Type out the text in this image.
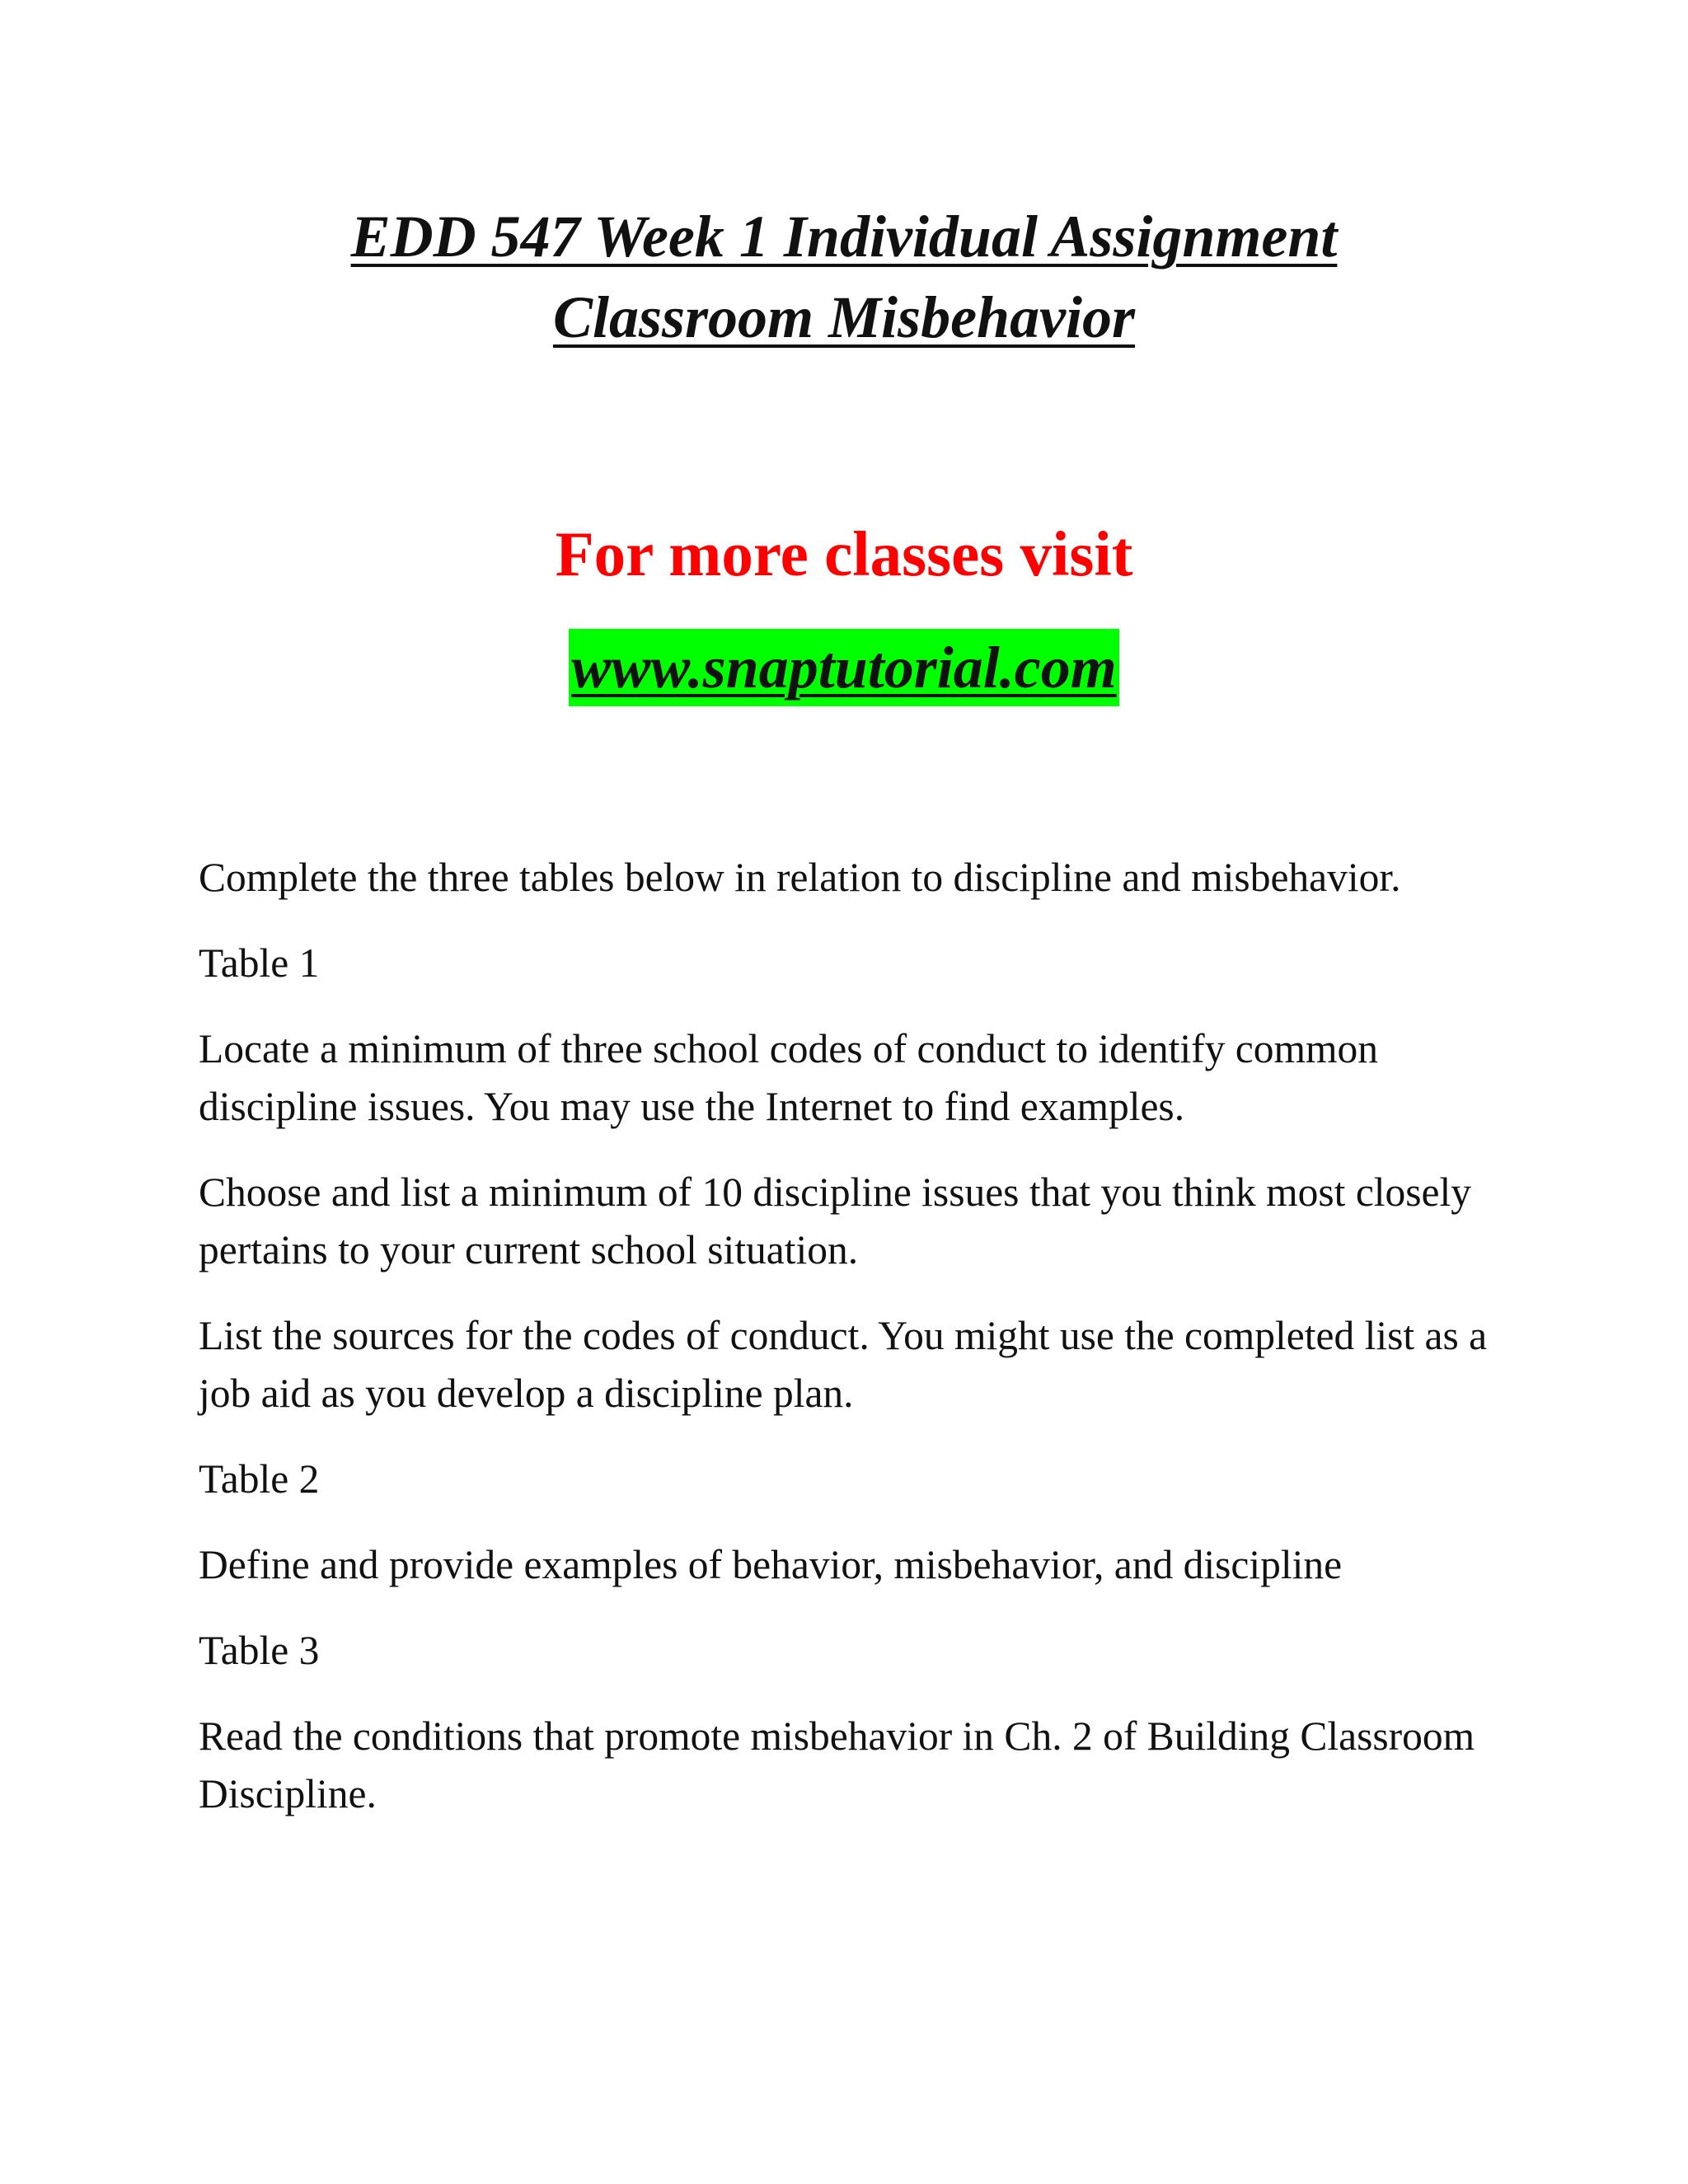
EDD 547 Week 1 Individual Assignment
Classroom Misbehavior
For more classes visit
www.snaptutorial.com

Complete the three tables below in relation to discipline and misbehavior.

Table 1

Locate a minimum of three school codes of conduct to identify common discipline issues. You may use the Internet to find examples.

Choose and list a minimum of 10 discipline issues that you think most closely pertains to your current school situation.

List the sources for the codes of conduct. You might use the completed list as a job aid as you develop a discipline plan.

Table 2

Define and provide examples of behavior, misbehavior, and discipline

Table 3

Read the conditions that promote misbehavior in Ch. 2 of Building Classroom Discipline.
